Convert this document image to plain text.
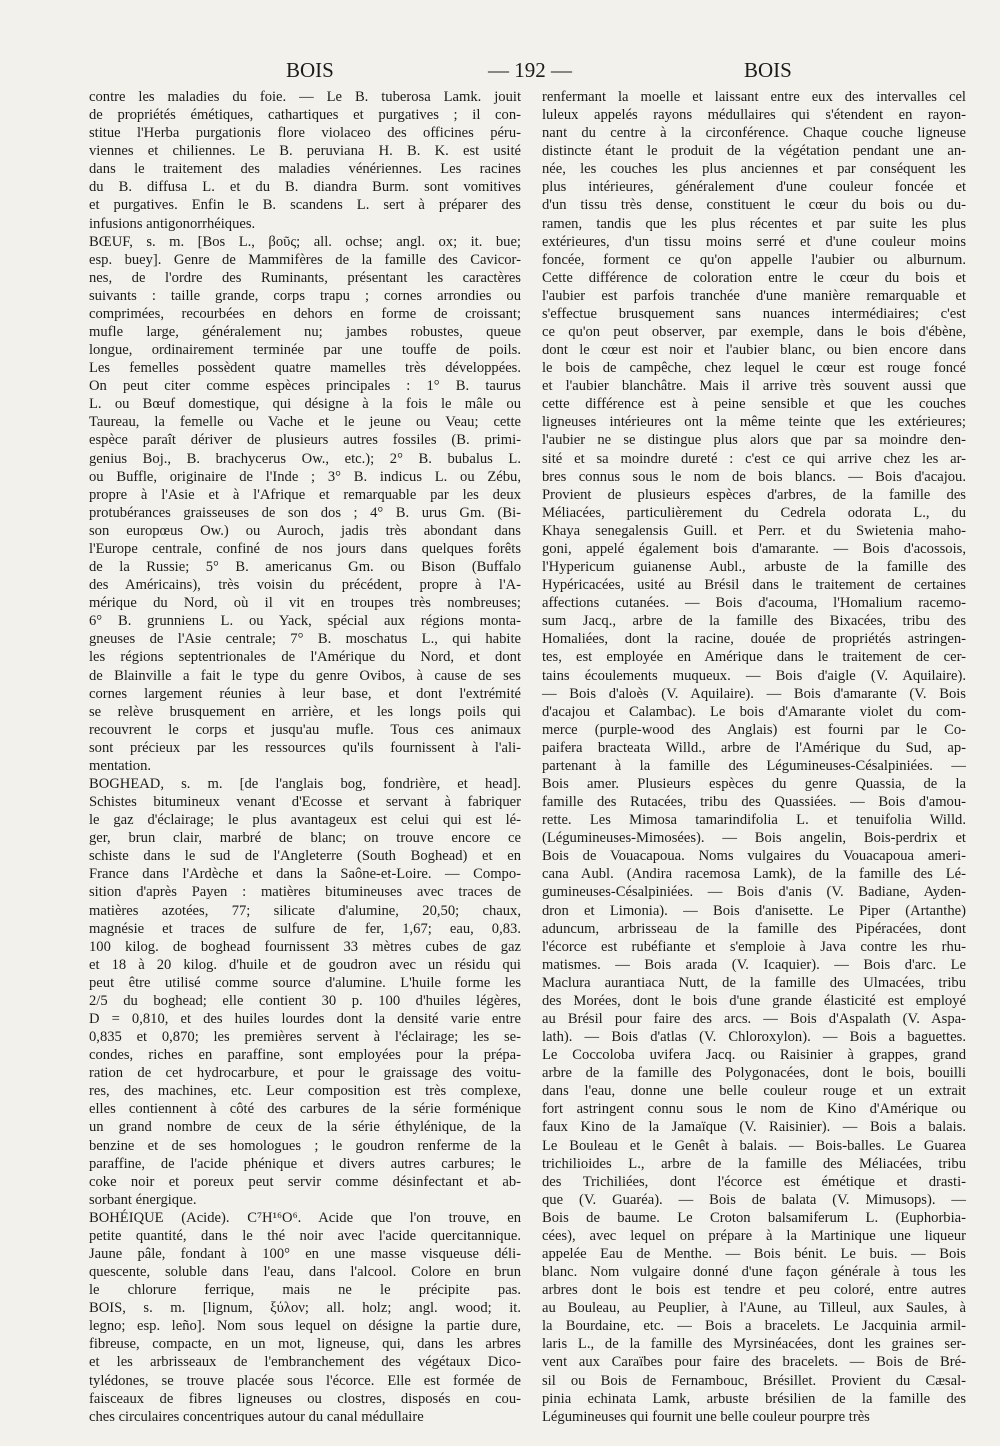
BOIS	— 192 —	BOIS
contre les maladies du foie. — Le B. tuberosa Lamk. jouit
de propriétés émétiques, cathartiques et purgatives ; il con-
stitue l'Herba purgationis flore violaceo des officines péru-
viennes et chiliennes. Le B. peruviana H. B. K. est usité
dans le traitement des maladies vénériennes. Les racines
du B. diffusa L. et du B. diandra Burm. sont vomitives
et purgatives. Enfin le B. scandens L. sert à préparer des
infusions antigonorrhéiques.
BŒUF, s. m. [Bos L., βοῦς; all. ochse; angl. ox; it. bue;
esp. buey]. Genre de Mammifères de la famille des Cavicor-
nes, de l'ordre des Ruminants, présentant les caractères
suivants : taille grande, corps trapu ; cornes arrondies ou
comprimées, recourbées en dehors en forme de croissant;
mufle large, généralement nu; jambes robustes, queue
longue, ordinairement terminée par une touffe de poils.
Les femelles possèdent quatre mamelles très développées.
On peut citer comme espèces principales : 1° B. taurus
L. ou Bœuf domestique, qui désigne à la fois le mâle ou
Taureau, la femelle ou Vache et le jeune ou Veau; cette
espèce paraît dériver de plusieurs autres fossiles (B. primi-
genius Boj., B. brachycerus Ow., etc.); 2° B. bubalus L.
ou Buffle, originaire de l'Inde ; 3° B. indicus L. ou Zébu,
propre à l'Asie et à l'Afrique et remarquable par les deux
protubérances graisseuses de son dos ; 4° B. urus Gm. (Bi-
son europœus Ow.) ou Auroch, jadis très abondant dans
l'Europe centrale, confiné de nos jours dans quelques forêts
de la Russie; 5° B. americanus Gm. ou Bison (Buffalo
des Américains), très voisin du précédent, propre à l'A-
mérique du Nord, où il vit en troupes très nombreuses;
6° B. grunniens L. ou Yack, spécial aux régions monta-
gneuses de l'Asie centrale; 7° B. moschatus L., qui habite
les régions septentrionales de l'Amérique du Nord, et dont
de Blainville a fait le type du genre Ovibos, à cause de ses
cornes largement réunies à leur base, et dont l'extrémité
se relève brusquement en arrière, et les longs poils qui
recouvrent le corps et jusqu'au mufle. Tous ces animaux
sont précieux par les ressources qu'ils fournissent à l'ali-
mentation.
BOGHEAD, s. m. [de l'anglais bog, fondrière, et head].
Schistes bitumineux venant d'Ecosse et servant à fabriquer
le gaz d'éclairage; le plus avantageux est celui qui est lé-
ger, brun clair, marbré de blanc; on trouve encore ce
schiste dans le sud de l'Angleterre (South Boghead) et en
France dans l'Ardèche et dans la Saône-et-Loire. — Compo-
sition d'après Payen : matières bitumineuses avec traces de
matières azotées, 77; silicate d'alumine, 20,50; chaux,
magnésie et traces de sulfure de fer, 1,67; eau, 0,83.
100 kilog. de boghead fournissent 33 mètres cubes de gaz
et 18 à 20 kilog. d'huile et de goudron avec un résidu qui
peut être utilisé comme source d'alumine. L'huile forme les
2/5 du boghead; elle contient 30 p. 100 d'huiles légères,
D = 0,810, et des huiles lourdes dont la densité varie entre
0,835 et 0,870; les premières servent à l'éclairage; les se-
condes, riches en paraffine, sont employées pour la prépa-
ration de cet hydrocarbure, et pour le graissage des voitu-
res, des machines, etc. Leur composition est très complexe,
elles contiennent à côté des carbures de la série forménique
un grand nombre de ceux de la série éthylénique, de la
benzine et de ses homologues ; le goudron renferme de la
paraffine, de l'acide phénique et divers autres carbures; le
coke noir et poreux peut servir comme désinfectant et ab-
sorbant énergique.
BOHÉIQUE (Acide). C⁷H¹⁶O⁶. Acide que l'on trouve, en
petite quantité, dans le thé noir avec l'acide quercitannique.
Jaune pâle, fondant à 100° en une masse visqueuse déli-
quescente, soluble dans l'eau, dans l'alcool. Colore en brun
le chlorure ferrique, mais ne le précipite pas.
BOIS, s. m. [lignum, ξύλον; all. holz; angl. wood; it.
legno; esp. leño]. Nom sous lequel on désigne la partie dure,
fibreuse, compacte, en un mot, ligneuse, qui, dans les arbres
et les arbrisseaux de l'embranchement des végétaux Dico-
tylédones, se trouve placée sous l'écorce. Elle est formée de
faisceaux de fibres ligneuses ou clostres, disposés en cou-
ches circulaires concentriques autour du canal médullaire
renfermant la moelle et laissant entre eux des intervalles cel
luleux appelés rayons médullaires qui s'étendent en rayon-
nant du centre à la circonférence. Chaque couche ligneuse
distincte étant le produit de la végétation pendant une an-
née, les couches les plus anciennes et par conséquent les
plus intérieures, généralement d'une couleur foncée et
d'un tissu très dense, constituent le cœur du bois ou du-
ramen, tandis que les plus récentes et par suite les plus
extérieures, d'un tissu moins serré et d'une couleur moins
foncée, forment ce qu'on appelle l'aubier ou alburnum.
Cette différence de coloration entre le cœur du bois et
l'aubier est parfois tranchée d'une manière remarquable et
s'effectue brusquement sans nuances intermédiaires; c'est
ce qu'on peut observer, par exemple, dans le bois d'ébène,
dont le cœur est noir et l'aubier blanc, ou bien encore dans
le bois de campêche, chez lequel le cœur est rouge foncé
et l'aubier blanchâtre. Mais il arrive très souvent aussi que
cette différence est à peine sensible et que les couches
ligneuses intérieures ont la même teinte que les extérieures;
l'aubier ne se distingue plus alors que par sa moindre den-
sité et sa moindre dureté : c'est ce qui arrive chez les ar-
bres connus sous le nom de bois blancs. — Bois d'acajou.
Provient de plusieurs espèces d'arbres, de la famille des
Méliacées, particulièrement du Cedrela odorata L., du
Khaya senegalensis Guill. et Perr. et du Swietenia maho-
goni, appelé également bois d'amarante. — Bois d'acossois,
l'Hypericum guianense Aubl., arbuste de la famille des
Hypéricacées, usité au Brésil dans le traitement de certaines
affections cutanées. — Bois d'acouma, l'Homalium racemo-
sum Jacq., arbre de la famille des Bixacées, tribu des
Homaliées, dont la racine, douée de propriétés astringen-
tes, est employée en Amérique dans le traitement de cer-
tains écoulements muqueux. — Bois d'aigle (V. Aquilaire).
— Bois d'aloès (V. Aquilaire). — Bois d'amarante (V. Bois
d'acajou et Calambac). Le bois d'Amarante violet du com-
merce (purple-wood des Anglais) est fourni par le Co-
paifera bracteata Willd., arbre de l'Amérique du Sud, ap-
partenant à la famille des Légumineuses-Césalpiniées. —
Bois amer. Plusieurs espèces du genre Quassia, de la
famille des Rutacées, tribu des Quassiées. — Bois d'amou-
rette. Les Mimosa tamarindifolia L. et tenuifolia Willd.
(Légumineuses-Mimosées). — Bois angelin, Bois-perdrix et
Bois de Vouacapoua. Noms vulgaires du Vouacapoua ameri-
cana Aubl. (Andira racemosa Lamk), de la famille des Lé-
gumineuses-Césalpiniées. — Bois d'anis (V. Badiane, Ayden-
dron et Limonia). — Bois d'anisette. Le Piper (Artanthe)
aduncum, arbrisseau de la famille des Pipéracées, dont
l'écorce est rubéfiante et s'emploie à Java contre les rhu-
matismes. — Bois arada (V. Icaquier). — Bois d'arc. Le
Maclura aurantiaca Nutt, de la famille des Ulmacées, tribu
des Morées, dont le bois d'une grande élasticité est employé
au Brésil pour faire des arcs. — Bois d'Aspalath (V. Aspa-
lath). — Bois d'atlas (V. Chloroxylon). — Bois a baguettes.
Le Coccoloba uvifera Jacq. ou Raisinier à grappes, grand
arbre de la famille des Polygonacées, dont le bois, bouilli
dans l'eau, donne une belle couleur rouge et un extrait
fort astringent connu sous le nom de Kino d'Amérique ou
faux Kino de la Jamaïque (V. Raisinier). — Bois a balais.
Le Bouleau et le Genêt à balais. — Bois-balles. Le Guarea
trichilioides L., arbre de la famille des Méliacées, tribu
des Trichiliées, dont l'écorce est émétique et drasti-
que (V. Guaréa). — Bois de balata (V. Mimusops). —
Bois de baume. Le Croton balsamiferum L. (Euphorbia-
cées), avec lequel on prépare à la Martinique une liqueur
appelée Eau de Menthe. — Bois bénit. Le buis. — Bois
blanc. Nom vulgaire donné d'une façon générale à tous les
arbres dont le bois est tendre et peu coloré, entre autres
au Bouleau, au Peuplier, à l'Aune, au Tilleul, aux Saules, à
la Bourdaine, etc. — Bois a bracelets. Le Jacquinia armil-
laris L., de la famille des Myrsinéacées, dont les graines ser-
vent aux Caraïbes pour faire des bracelets. — Bois de Bré-
sil ou Bois de Fernambouc, Brésillet. Provient du Cæsal-
pinia echinata Lamk, arbuste brésilien de la famille des
Légumineuses qui fournit une belle couleur pourpre très
